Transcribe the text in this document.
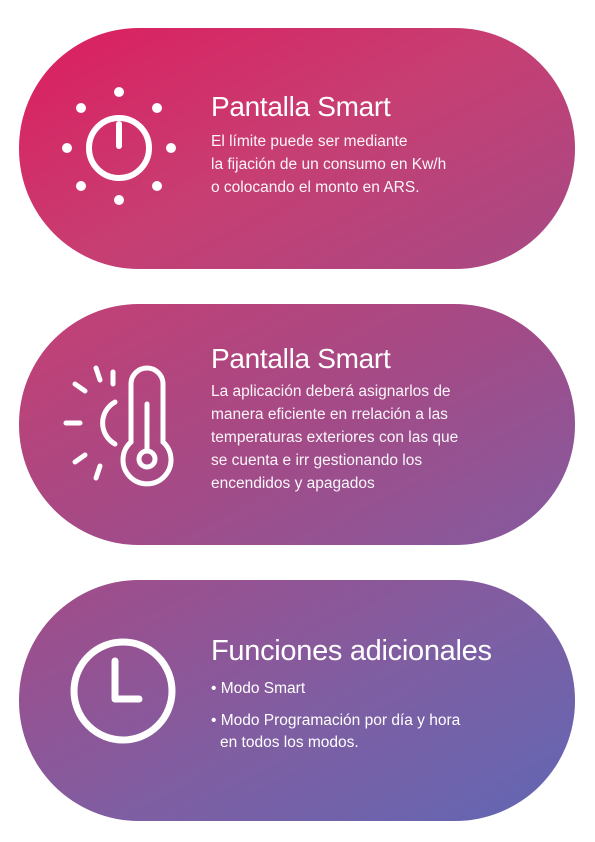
Pantalla Smart

El límite puede ser mediante
la fijación de un consumo en Kw/h
o colocando el monto en ARS.

Pantalla Smart

La aplicación deberá asignarlos de
manera eficiente en rrelación a las
temperaturas exteriores con las que
se cuenta e irr gestionando los
encendidos y apagados

Funciones adicionales
• Modo Smart
• Modo Programación por día y hora
en todos los modos.
